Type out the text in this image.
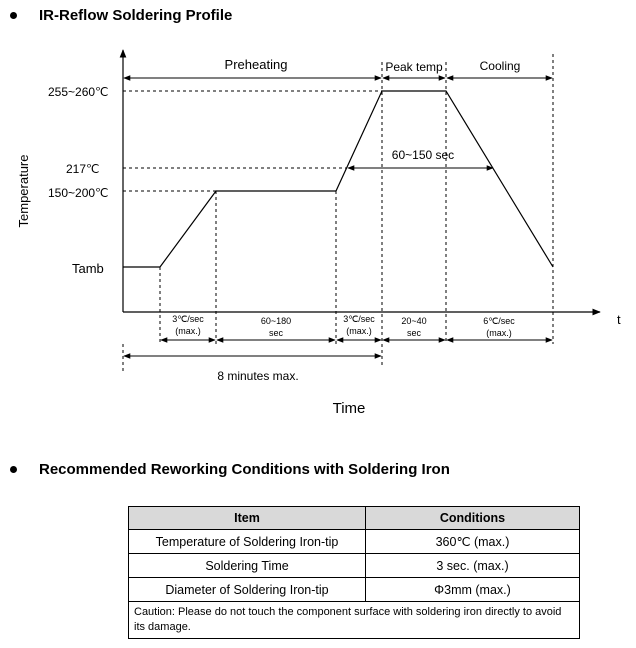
IR-Reflow Soldering Profile
t
Temperature
255~260℃
217℃
150~200℃
Tamb
Preheating	Peak temp	Cooling
60~150 sec
3℃/sec
(max.)
60~180
sec
3℃/sec
(max.)
20~40
sec
6℃/sec
(max.)
8 minutes max.
Time
Recommended Reworking Conditions with Soldering Iron
Item	Conditions
Temperature of Soldering Iron-tip	360℃ (max.)
Soldering Time	3 sec. (max.)
Diameter of Soldering Iron-tip	Φ3mm (max.)
Caution: Please do not touch the component surface with soldering iron directly to avoid its damage.	
